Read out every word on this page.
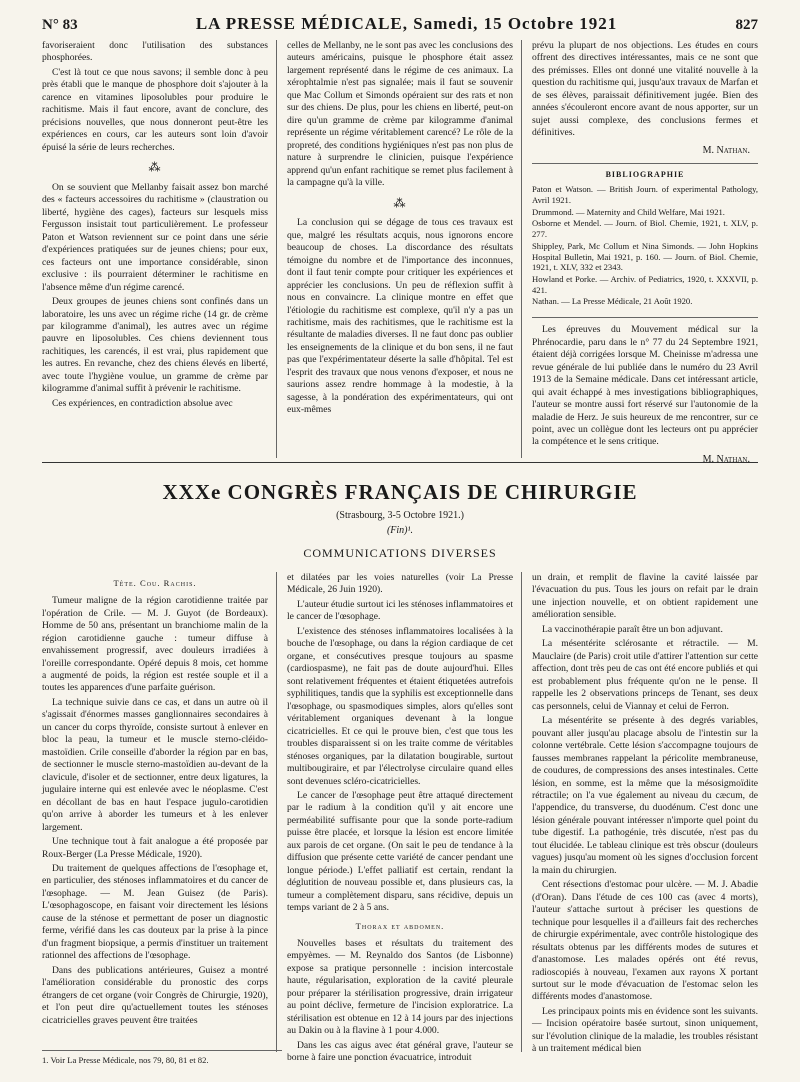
N° 83	LA PRESSE MÉDICALE, Samedi, 15 Octobre 1921	827

favoriseraient donc l'utilisation des substances phosphorées.

C'est là tout ce que nous savons; il semble donc à peu près établi que le manque de phosphore doit s'ajouter à la carence en vitamines liposolubles pour produire le rachitisme. Mais il faut encore, avant de conclure, des précisions nouvelles, que nous donneront peut-être les expériences en cours, car les auteurs sont loin d'avoir épuisé la série de leurs recherches.

⁂

On se souvient que Mellanby faisait assez bon marché des « facteurs accessoires du rachitisme » (claustration ou liberté, hygiène des cages), facteurs sur lesquels miss Fergusson insistait tout particulièrement. Le professeur Paton et Watson reviennent sur ce point dans une série d'expériences pratiquées sur de jeunes chiens; pour eux, ces facteurs ont une importance considérable, sinon exclusive : ils pourraient déterminer le rachitisme en l'absence même d'un régime carencé.

Deux groupes de jeunes chiens sont confinés dans un laboratoire, les uns avec un régime riche (14 gr. de crème par kilogramme d'animal), les autres avec un régime pauvre en liposolubles. Ces chiens deviennent tous rachitiques, les carencés, il est vrai, plus rapidement que les autres. En revanche, chez des chiens élevés en liberté, avec toute l'hygiène voulue, un gramme de crème par kilogramme d'animal suffit à prévenir le rachitisme.

Ces expériences, en contradiction absolue avec

celles de Mellanby, ne le sont pas avec les conclusions des auteurs américains, puisque le phosphore était assez largement représenté dans le régime de ces animaux. La xérophtalmie n'est pas signalée; mais il faut se souvenir que Mac Collum et Simonds opéraient sur des rats et non sur des chiens. De plus, pour les chiens en liberté, peut-on dire qu'un gramme de crème par kilogramme d'animal représente un régime véritablement carencé? Le rôle de la propreté, des conditions hygiéniques n'est pas non plus de nature à surprendre le clinicien, puisque l'expérience apprend qu'un enfant rachitique se remet plus facilement à la campagne qu'à la ville.

⁂

La conclusion qui se dégage de tous ces travaux est que, malgré les résultats acquis, nous ignorons encore beaucoup de choses. La discordance des résultats témoigne du nombre et de l'importance des inconnues, dont il faut tenir compte pour critiquer les expériences et apprécier les conclusions. Un peu de réflexion suffit à nous en convaincre. La clinique montre en effet que l'étiologie du rachitisme est complexe, qu'il n'y a pas un rachitisme, mais des rachitismes, que le rachitisme est la résultante de maladies diverses. Il ne faut donc pas oublier les enseignements de la clinique et du bon sens, il ne faut pas que l'expérimentateur déserte la salle d'hôpital. Tel est l'esprit des travaux que nous venons d'exposer, et nous ne saurions assez rendre hommage à la modestie, à la sagesse, à la pondération des expérimentateurs, qui ont eux-mêmes

prévu la plupart de nos objections. Les études en cours offrent des directives intéressantes, mais ce ne sont que des prémisses. Elles ont donné une vitalité nouvelle à la question du rachitisme qui, jusqu'aux travaux de Marfan et de ses élèves, paraissait définitivement jugée. Bien des années s'écouleront encore avant de nous apporter, sur un sujet aussi complexe, des conclusions fermes et définitives.

M. Nathan.
BIBLIOGRAPHIE

Paton et Watson. — British Journ. of experimental Pathology, Avril 1921.

Drummond. — Maternity and Child Welfare, Mai 1921.

Osborne et Mendel. — Journ. of Biol. Chemie, 1921, t. XLV, p. 277.

Shippley, Park, Mc Collum et Nina Simonds. — John Hopkins Hospital Bulletin, Mai 1921, p. 160. — Journ. of Biol. Chemie, 1921, t. XLV, 332 et 2343.

Howland et Porke. — Archiv. of Pediatrics, 1920, t. XXXVII, p. 421.

Nathan. — La Presse Médicale, 21 Août 1920.

Les épreuves du Mouvement médical sur la Phrénocardie, paru dans le n° 77 du 24 Septembre 1921, étaient déjà corrigées lorsque M. Cheinisse m'adressa une revue générale de lui publiée dans le numéro du 23 Avril 1913 de la Semaine médicale. Dans cet intéressant article, qui avait échappé à mes investigations bibliographiques, l'auteur se montre aussi fort réservé sur l'autonomie de la maladie de Herz. Je suis heureux de me rencontrer, sur ce point, avec un collègue dont les lecteurs ont pu apprécier la compétence et le sens critique.

M. Nathan.
XXXe CONGRÈS FRANÇAIS DE CHIRURGIE
(Strasbourg, 3-5 Octobre 1921.)
(Fin)¹.
COMMUNICATIONS DIVERSES
Tête. Cou. Rachis.

Tumeur maligne de la région carotidienne traitée par l'opération de Crile. — M. J. Guyot (de Bordeaux). Homme de 50 ans, présentant un branchiome malin de la région carotidienne gauche : tumeur diffuse à envahissement progressif, avec douleurs irradiées à l'oreille correspondante. Opéré depuis 8 mois, cet homme a augmenté de poids, la région est restée souple et il a toutes les apparences d'une parfaite guérison.

La technique suivie dans ce cas, et dans un autre où il s'agissait d'énormes masses ganglionnaires secondaires à un cancer du corps thyroïde, consiste surtout à enlever en bloc la peau, la tumeur et le muscle sterno-cléido-mastoïdien. Crile conseille d'aborder la région par en bas, de sectionner le muscle sterno-mastoïdien au-devant de la clavicule, d'isoler et de sectionner, entre deux ligatures, la jugulaire interne qui est enlevée avec le néoplasme. C'est en décollant de bas en haut l'espace jugulo-carotidien qu'on arrive à aborder les tumeurs et à les enlever largement.

Une technique tout à fait analogue a été proposée par Roux-Berger (La Presse Médicale, 1920).

Du traitement de quelques affections de l'œsophage et, en particulier, des sténoses inflammatoires et du cancer de l'œsophage. — M. Jean Guisez (de Paris). L'œsophagoscope, en faisant voir directement les lésions cause de la sténose et permettant de poser un diagnostic ferme, vérifié dans les cas douteux par la prise à la pince d'un fragment biopsique, a permis d'instituer un traitement rationnel des affections de l'œsophage.

Dans des publications antérieures, Guisez a montré l'amélioration considérable du pronostic des corps étrangers de cet organe (voir Congrès de Chirurgie, 1920), et l'on peut dire qu'actuellement toutes les sténoses cicatricielles graves peuvent être traitées

et dilatées par les voies naturelles (voir La Presse Médicale, 26 Juin 1920).

L'auteur étudie surtout ici les sténoses inflammatoires et le cancer de l'œsophage.

L'existence des sténoses inflammatoires localisées à la bouche de l'œsophage, ou dans la région cardiaque de cet organe, et consécutives presque toujours au spasme (cardiospasme), ne fait pas de doute aujourd'hui. Elles sont relativement fréquentes et étaient étiquetées autrefois syphilitiques, tandis que la syphilis est exceptionnelle dans l'œsophage, ou spasmodiques simples, alors qu'elles sont véritablement organiques devenant à la longue cicatricielles. Et ce qui le prouve bien, c'est que tous les troubles disparaissent si on les traite comme de véritables sténoses organiques, par la dilatation bougirable, surtout multibougiraire, et par l'électrolyse circulaire quand elles sont devenues scléro-cicatricielles.

Le cancer de l'œsophage peut être attaqué directement par le radium à la condition qu'il y ait encore une perméabilité suffisante pour que la sonde porte-radium puisse être placée, et lorsque la lésion est encore limitée aux parois de cet organe. (On sait le peu de tendance à la diffusion que présente cette variété de cancer pendant une longue période.) L'effet palliatif est certain, rendant la déglutition de nouveau possible et, dans plusieurs cas, la tumeur a complètement disparu, sans récidive, depuis un temps variant de 2 à 5 ans.

Thorax et abdomen.

Nouvelles bases et résultats du traitement des empyèmes. — M. Reynaldo dos Santos (de Lisbonne) expose sa pratique personnelle : incision intercostale haute, régularisation, exploration de la cavité pleurale pour préparer la stérilisation progressive, drain irrigateur au point déclive, fermeture de l'incision exploratrice. La stérilisation est obtenue en 12 à 14 jours par des injections au Dakin ou à la flavine à 1 pour 4.000.

Dans les cas aigus avec état général grave, l'auteur se borne à faire une ponction évacuatrice, introduit

un drain, et remplit de flavine la cavité laissée par l'évacuation du pus. Tous les jours on refait par le drain une injection nouvelle, et on obtient rapidement une amélioration sensible.

La vaccinothérapie paraît être un bon adjuvant.

La mésentérite sclérosante et rétractile. — M. Mauclaire (de Paris) croit utile d'attirer l'attention sur cette affection, dont très peu de cas ont été encore publiés et qui est probablement plus fréquente qu'on ne le pense. Il rappelle les 2 observations princeps de Tenant, ses deux cas personnels, celui de Viannay et celui de Ferron.

La mésentérite se présente à des degrés variables, pouvant aller jusqu'au placage absolu de l'intestin sur la colonne vertébrale. Cette lésion s'accompagne toujours de fausses membranes rappelant la péricolite membraneuse, de coudures, de compressions des anses intestinales. Cette lésion, en somme, est la même que la mésosigmoïdite rétractile; on l'a vue également au niveau du cæcum, de l'appendice, du transverse, du duodénum. C'est donc une lésion générale pouvant intéresser n'importe quel point du tube digestif. La pathogénie, très discutée, n'est pas du tout élucidée. Le tableau clinique est très obscur (douleurs vagues) jusqu'au moment où les signes d'occlusion forcent la main du chirurgien.

Cent résections d'estomac pour ulcère. — M. J. Abadie (d'Oran). Dans l'étude de ces 100 cas (avec 4 morts), l'auteur s'attache surtout à préciser les questions de technique pour lesquelles il a d'ailleurs fait des recherches de chirurgie expérimentale, avec contrôle histologique des résultats obtenus par les différents modes de sutures et d'anastomose. Les malades opérés ont été revus, radioscopiés à nouveau, l'examen aux rayons X portant surtout sur le mode d'évacuation de l'estomac selon les différents modes d'anastomose.

Les principaux points mis en évidence sont les suivants. — Incision opératoire basée surtout, sinon uniquement, sur l'évolution clinique de la maladie, les troubles résistant à un traitement médical bien

1. Voir La Presse Médicale, nos 79, 80, 81 et 82.
